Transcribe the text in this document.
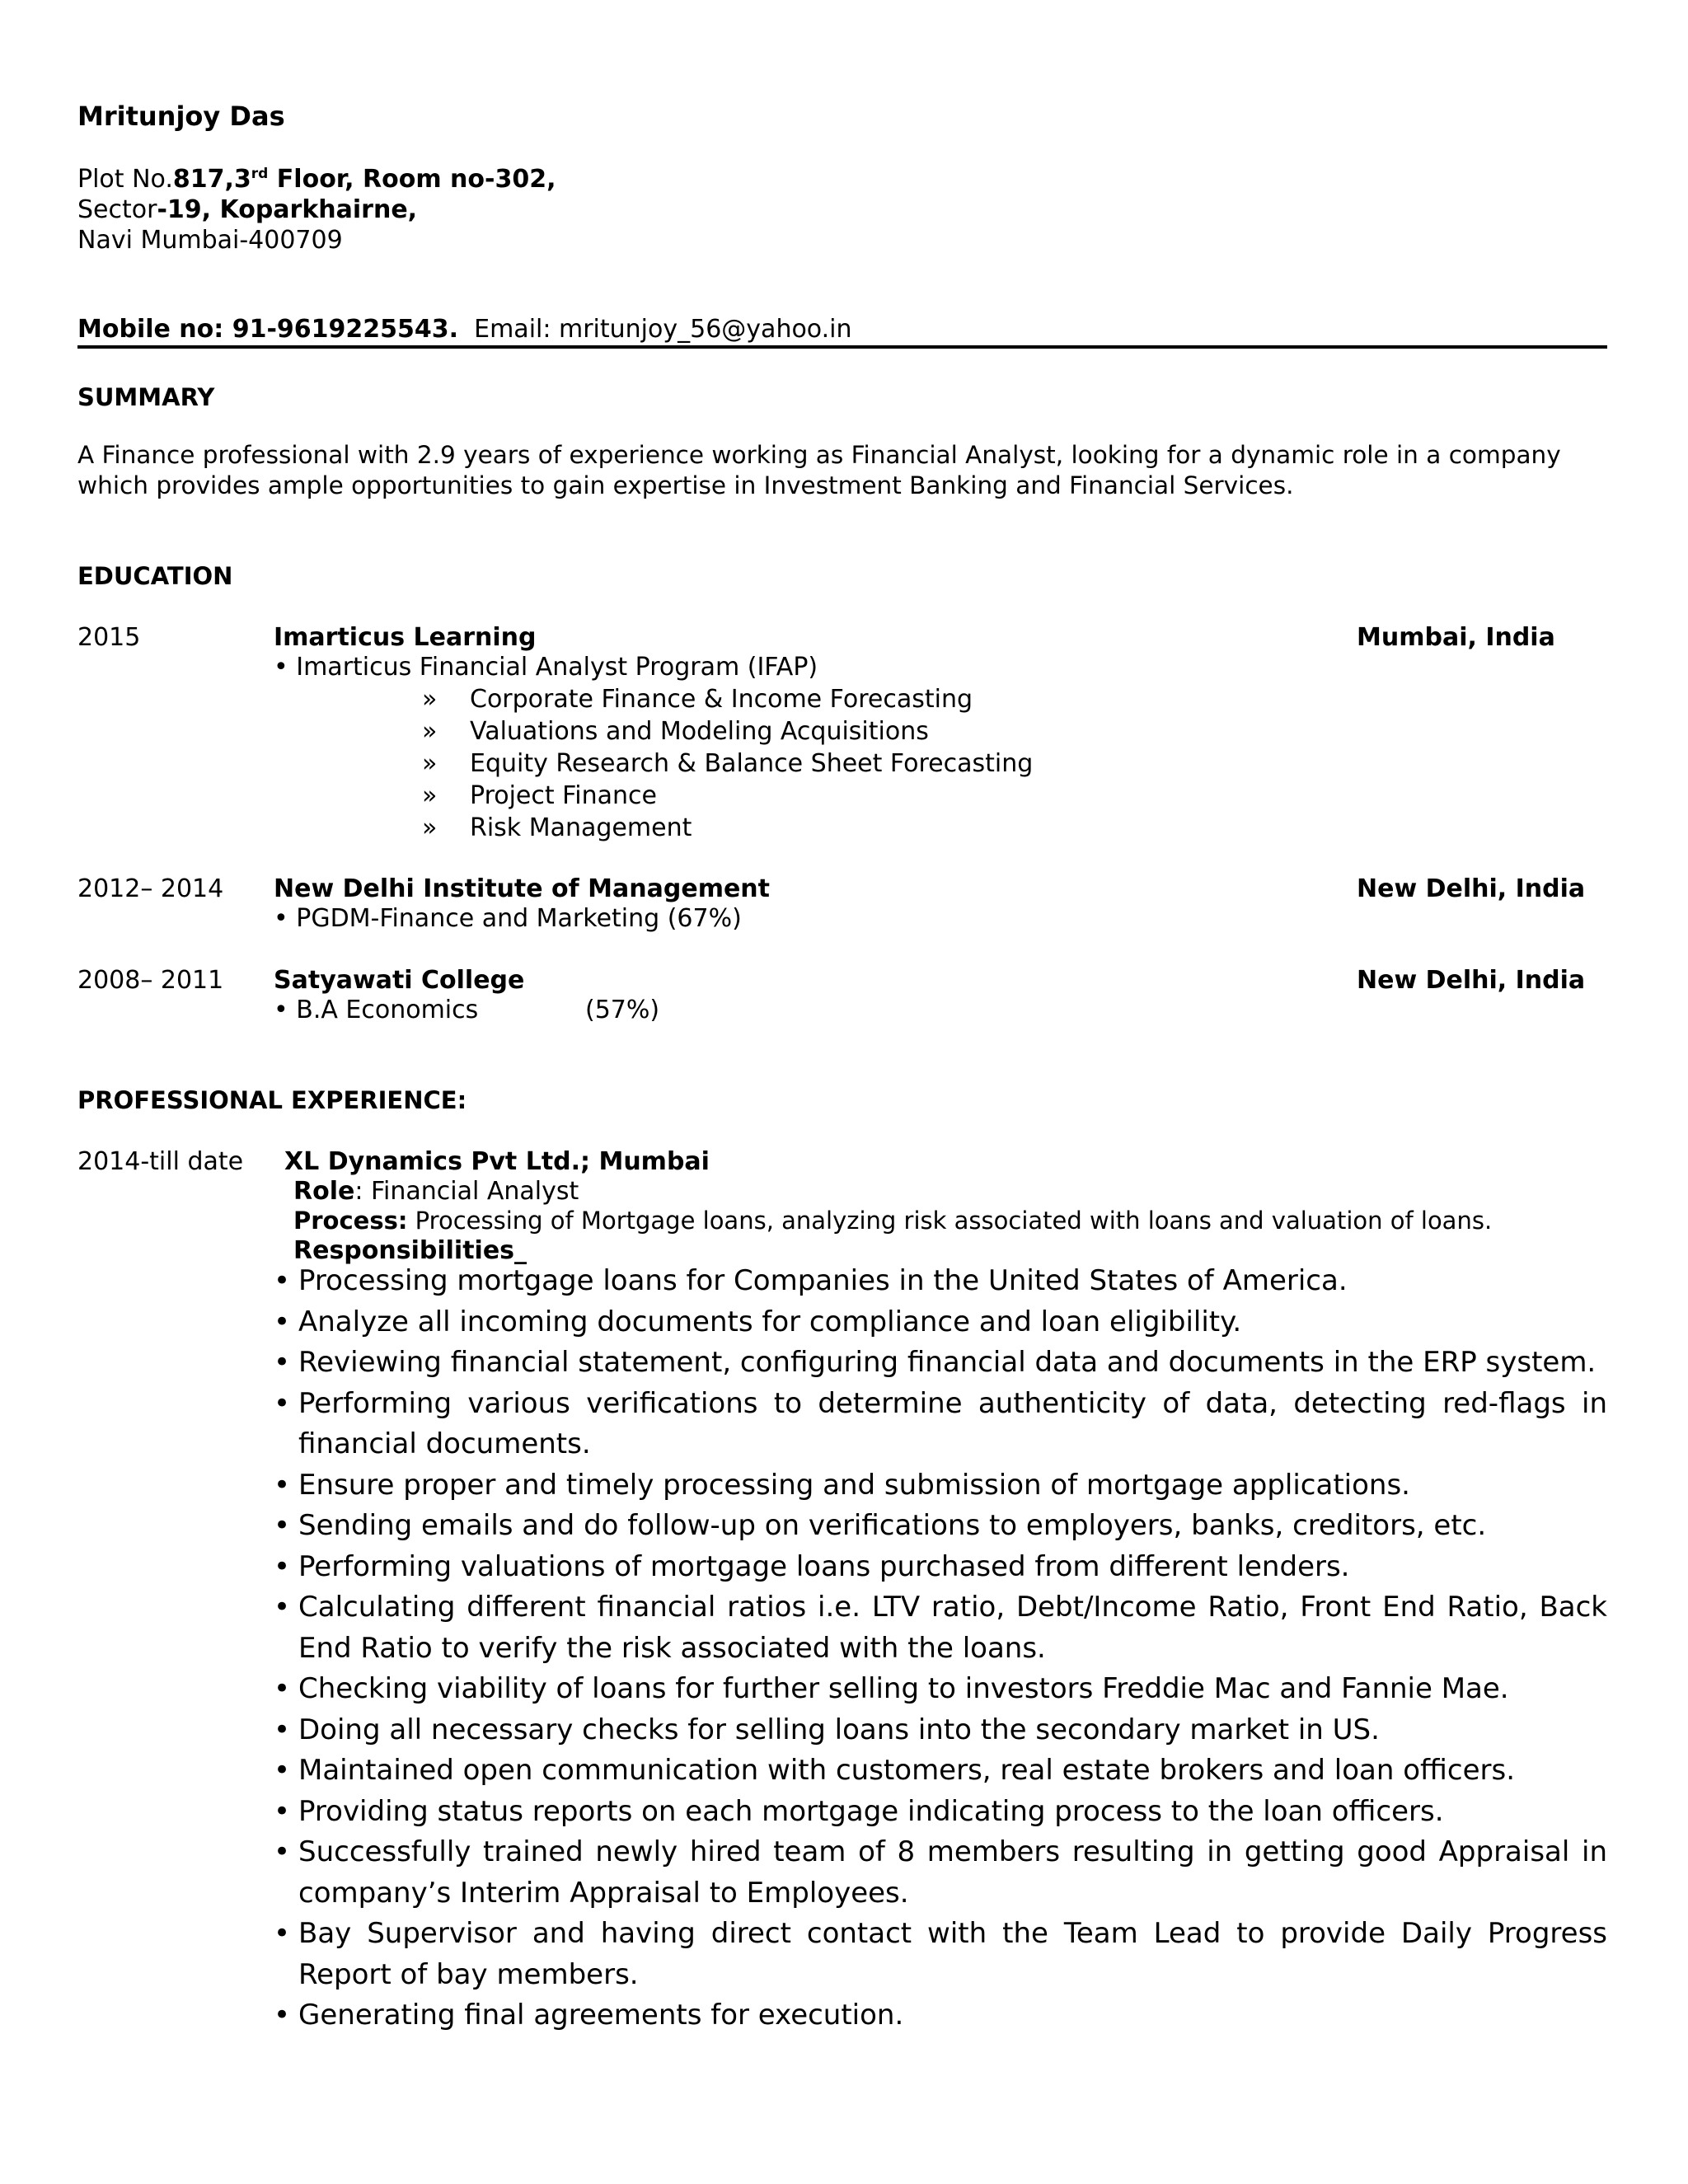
Mritunjoy Das
Plot No.817,3rd Floor, Room no-302,
Sector-19, Koparkhairne,
Navi Mumbai-400709
Mobile no: 91-9619225543. Email: mritunjoy_56@yahoo.in
SUMMARY
A Finance professional with 2.9 years of experience working as Financial Analyst, looking for a dynamic role in a company which provides ample opportunities to gain expertise in Investment Banking and Financial Services.
EDUCATION
2015	Imarticus Learning	Mumbai, India
• Imarticus Financial Analyst Program (IFAP)
» Corporate Finance & Income Forecasting
» Valuations and Modeling Acquisitions
» Equity Research & Balance Sheet Forecasting
» Project Finance
» Risk Management
2012– 2014 New Delhi Institute of Management	New Delhi, India
• PGDM-Finance and Marketing (67%)
2008– 2011 Satyawati College	New Delhi, India
• B.A Economics	(57%)
PROFESSIONAL EXPERIENCE:
2014-till date XL Dynamics Pvt Ltd.; Mumbai
Role: Financial Analyst
Process: Processing of Mortgage loans, analyzing risk associated with loans and valuation of loans.
Responsibilities_
• Processing mortgage loans for Companies in the United States of America.
• Analyze all incoming documents for compliance and loan eligibility.
• Reviewing financial statement, configuring financial data and documents in the ERP system.
• Performing various verifications to determine authenticity of data, detecting red-flags in financial documents.
• Ensure proper and timely processing and submission of mortgage applications.
• Sending emails and do follow-up on verifications to employers, banks, creditors, etc.
• Performing valuations of mortgage loans purchased from different lenders.
• Calculating different financial ratios i.e. LTV ratio, Debt/Income Ratio, Front End Ratio, Back End Ratio to verify the risk associated with the loans.
• Checking viability of loans for further selling to investors Freddie Mac and Fannie Mae.
• Doing all necessary checks for selling loans into the secondary market in US.
• Maintained open communication with customers, real estate brokers and loan officers.
• Providing status reports on each mortgage indicating process to the loan officers.
• Successfully trained newly hired team of 8 members resulting in getting good Appraisal in company’s Interim Appraisal to Employees.
• Bay Supervisor and having direct contact with the Team Lead to provide Daily Progress Report of bay members.
• Generating final agreements for execution.
